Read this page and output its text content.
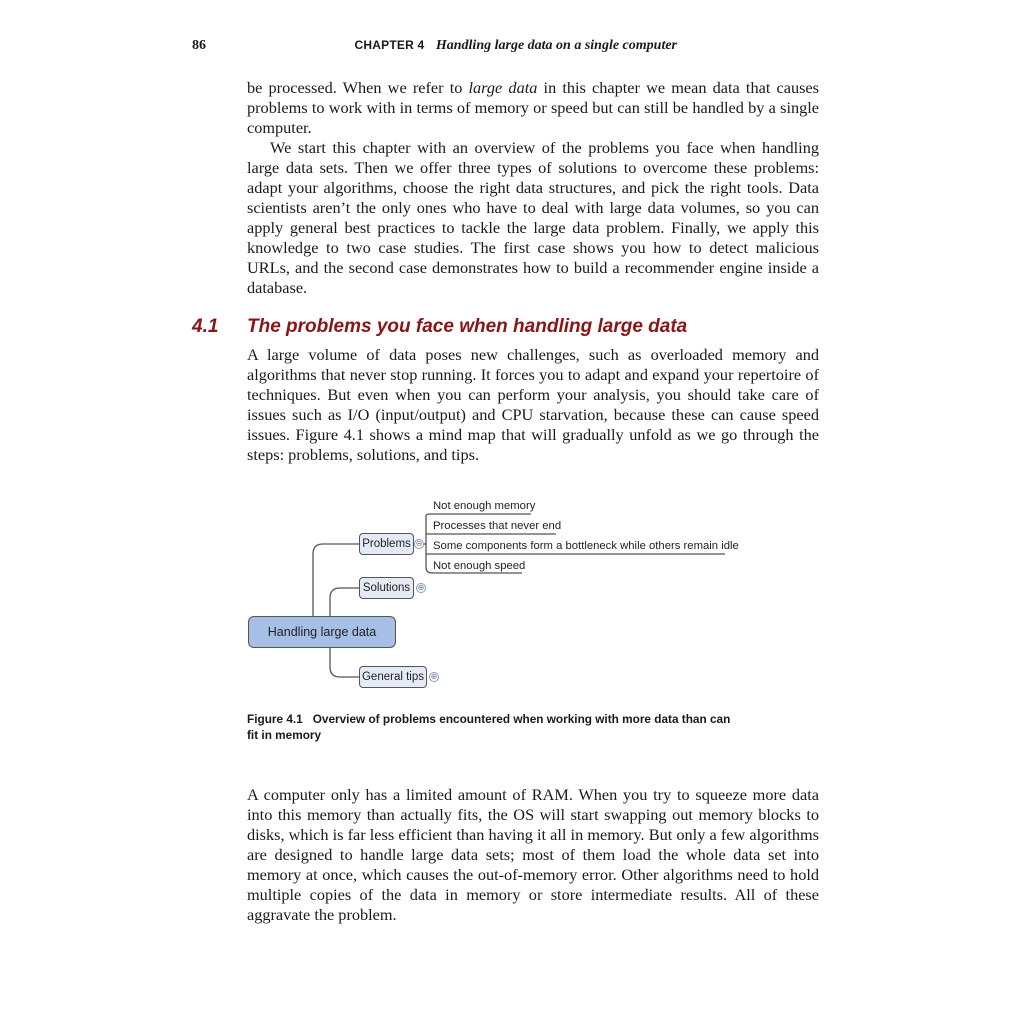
86	CHAPTER 4 Handling large data on a single computer

be processed. When we refer to large data in this chapter we mean data that causes problems to work with in terms of memory or speed but can still be handled by a single computer.

We start this chapter with an overview of the problems you face when handling large data sets. Then we offer three types of solutions to overcome these problems: adapt your algorithms, choose the right data structures, and pick the right tools. Data scientists aren’t the only ones who have to deal with large data volumes, so you can apply general best practices to tackle the large data problem. Finally, we apply this knowledge to two case studies. The first case shows you how to detect malicious URLs, and the second case demonstrates how to build a recommender engine inside a database.

4.1 The problems you face when handling large data

A large volume of data poses new challenges, such as overloaded memory and algorithms that never stop running. It forces you to adapt and expand your repertoire of techniques. But even when you can perform your analysis, you should take care of issues such as I/O (input/output) and CPU starvation, because these can cause speed issues. Figure 4.1 shows a mind map that will gradually unfold as we go through the steps: problems, solutions, and tips.

Problems ⊖
Solutions ⊕
Handling large data
General tips ⊕
Not enough memory
Processes that never end
Some components form a bottleneck while others remain idle
Not enough speed
Figure 4.1 Overview of problems encountered when working with more data than can fit in memory

A computer only has a limited amount of RAM. When you try to squeeze more data into this memory than actually fits, the OS will start swapping out memory blocks to disks, which is far less efficient than having it all in memory. But only a few algorithms are designed to handle large data sets; most of them load the whole data set into memory at once, which causes the out-of-memory error. Other algorithms need to hold multiple copies of the data in memory or store intermediate results. All of these aggravate the problem.
